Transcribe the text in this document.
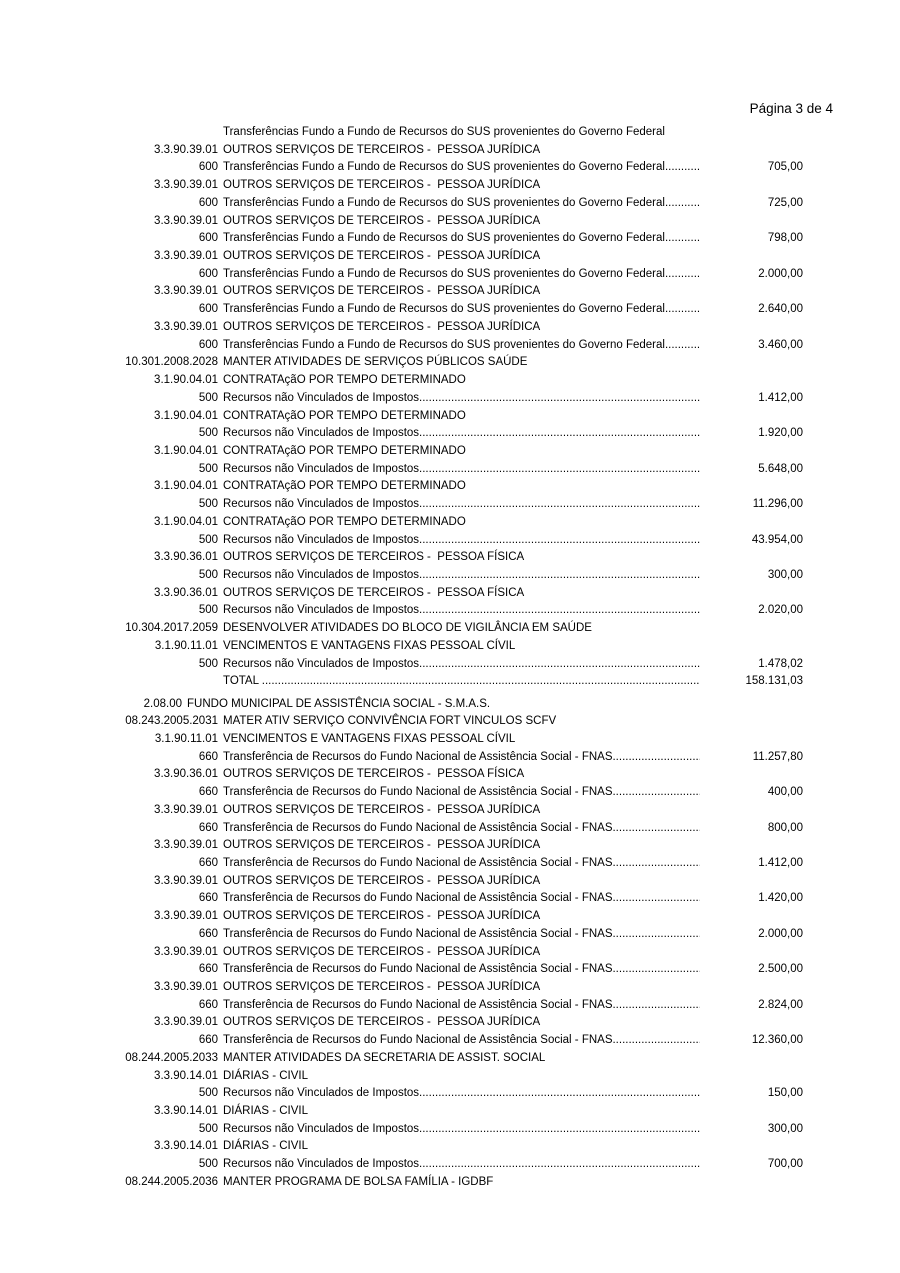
Página 3 de 4
Transferências Fundo a Fundo de Recursos do SUS provenientes do Governo Federal
3.3.90.39.01 OUTROS SERVIÇOS DE TERCEIROS -  PESSOA JURÍDICA
600 Transferências Fundo a Fundo de Recursos do SUS provenientes do Governo Federal .....	705,00
3.3.90.39.01 OUTROS SERVIÇOS DE TERCEIROS -  PESSOA JURÍDICA
600 Transferências Fundo a Fundo de Recursos do SUS provenientes do Governo Federal .....	725,00
3.3.90.39.01 OUTROS SERVIÇOS DE TERCEIROS -  PESSOA JURÍDICA
600 Transferências Fundo a Fundo de Recursos do SUS provenientes do Governo Federal .....	798,00
3.3.90.39.01 OUTROS SERVIÇOS DE TERCEIROS -  PESSOA JURÍDICA
600 Transferências Fundo a Fundo de Recursos do SUS provenientes do Governo Federal .....	2.000,00
3.3.90.39.01 OUTROS SERVIÇOS DE TERCEIROS -  PESSOA JURÍDICA
600 Transferências Fundo a Fundo de Recursos do SUS provenientes do Governo Federal .....	2.640,00
3.3.90.39.01 OUTROS SERVIÇOS DE TERCEIROS -  PESSOA JURÍDICA
600 Transferências Fundo a Fundo de Recursos do SUS provenientes do Governo Federal .....	3.460,00
10.301.2008.2028 MANTER ATIVIDADES DE SERVIÇOS PÚBLICOS SAÚDE
3.1.90.04.01 CONTRATAçãO POR TEMPO DETERMINADO
500 Recursos não Vinculados de Impostos .....	1.412,00
3.1.90.04.01 CONTRATAçãO POR TEMPO DETERMINADO
500 Recursos não Vinculados de Impostos .....	1.920,00
3.1.90.04.01 CONTRATAçãO POR TEMPO DETERMINADO
500 Recursos não Vinculados de Impostos .....	5.648,00
3.1.90.04.01 CONTRATAçãO POR TEMPO DETERMINADO
500 Recursos não Vinculados de Impostos .....	11.296,00
3.1.90.04.01 CONTRATAçãO POR TEMPO DETERMINADO
500 Recursos não Vinculados de Impostos .....	43.954,00
3.3.90.36.01 OUTROS SERVIÇOS DE TERCEIROS -  PESSOA FÍSICA
500 Recursos não Vinculados de Impostos .....	300,00
3.3.90.36.01 OUTROS SERVIÇOS DE TERCEIROS -  PESSOA FÍSICA
500 Recursos não Vinculados de Impostos .....	2.020,00
10.304.2017.2059 DESENVOLVER ATIVIDADES DO BLOCO DE VIGILÂNCIA EM SAÚDE
3.1.90.11.01 VENCIMENTOS E VANTAGENS FIXAS PESSOAL CÍVIL
500 Recursos não Vinculados de Impostos .....	1.478,02
TOTAL .....	158.131,03
2.08.00 FUNDO MUNICIPAL DE ASSISTÊNCIA SOCIAL - S.M.A.S.
08.243.2005.2031 MATER ATIV SERVIÇO CONVIVÊNCIA FORT VINCULOS SCFV
3.1.90.11.01 VENCIMENTOS E VANTAGENS FIXAS PESSOAL CÍVIL
660 Transferência de Recursos do Fundo Nacional de Assistência Social - FNAS .....	11.257,80
3.3.90.36.01 OUTROS SERVIÇOS DE TERCEIROS -  PESSOA FÍSICA
660 Transferência de Recursos do Fundo Nacional de Assistência Social - FNAS .....	400,00
3.3.90.39.01 OUTROS SERVIÇOS DE TERCEIROS -  PESSOA JURÍDICA
660 Transferência de Recursos do Fundo Nacional de Assistência Social - FNAS .....	800,00
3.3.90.39.01 OUTROS SERVIÇOS DE TERCEIROS -  PESSOA JURÍDICA
660 Transferência de Recursos do Fundo Nacional de Assistência Social - FNAS .....	1.412,00
3.3.90.39.01 OUTROS SERVIÇOS DE TERCEIROS -  PESSOA JURÍDICA
660 Transferência de Recursos do Fundo Nacional de Assistência Social - FNAS .....	1.420,00
3.3.90.39.01 OUTROS SERVIÇOS DE TERCEIROS -  PESSOA JURÍDICA
660 Transferência de Recursos do Fundo Nacional de Assistência Social - FNAS .....	2.000,00
3.3.90.39.01 OUTROS SERVIÇOS DE TERCEIROS -  PESSOA JURÍDICA
660 Transferência de Recursos do Fundo Nacional de Assistência Social - FNAS .....	2.500,00
3.3.90.39.01 OUTROS SERVIÇOS DE TERCEIROS -  PESSOA JURÍDICA
660 Transferência de Recursos do Fundo Nacional de Assistência Social - FNAS .....	2.824,00
3.3.90.39.01 OUTROS SERVIÇOS DE TERCEIROS -  PESSOA JURÍDICA
660 Transferência de Recursos do Fundo Nacional de Assistência Social - FNAS .....	12.360,00
08.244.2005.2033 MANTER ATIVIDADES DA SECRETARIA DE ASSIST. SOCIAL
3.3.90.14.01 DIÁRIAS - CIVIL
500 Recursos não Vinculados de Impostos .....	150,00
3.3.90.14.01 DIÁRIAS - CIVIL
500 Recursos não Vinculados de Impostos .....	300,00
3.3.90.14.01 DIÁRIAS - CIVIL
500 Recursos não Vinculados de Impostos .....	700,00
08.244.2005.2036 MANTER PROGRAMA DE BOLSA FAMÍLIA - IGDBF
